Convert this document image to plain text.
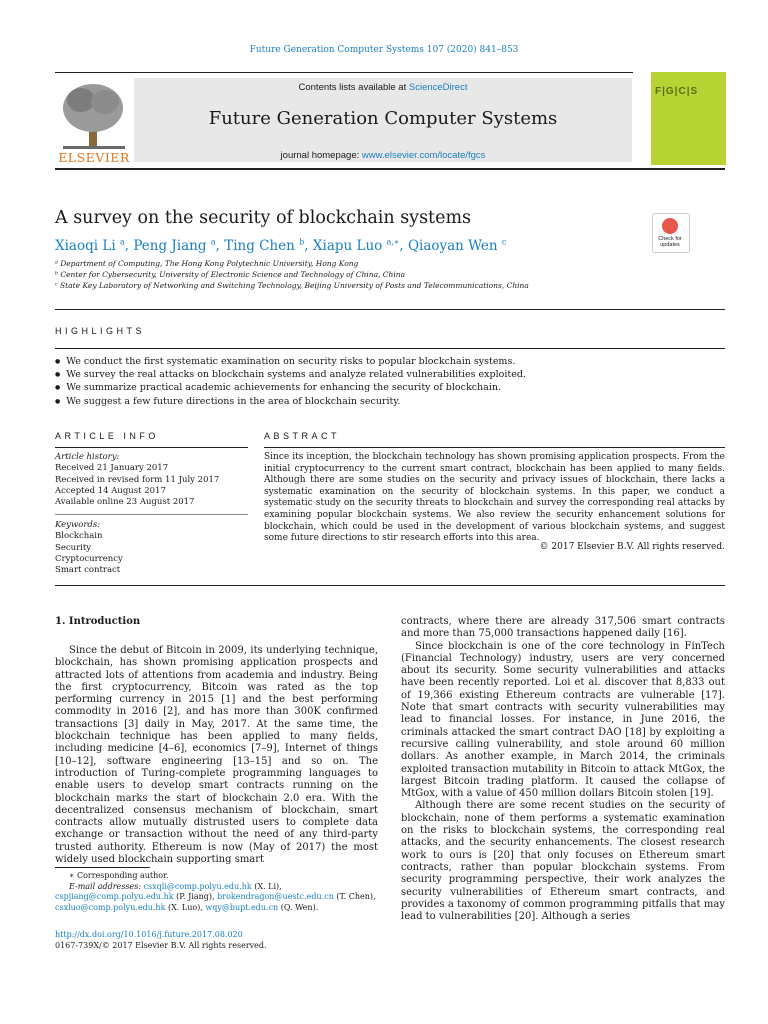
Future Generation Computer Systems 107 (2020) 841–853
ELSEVIER
Contents lists available at ScienceDirect
Future Generation Computer Systems
journal homepage: www.elsevier.com/locate/fgcs
F|G|C|S
A survey on the security of blockchain systems
Check for updates
Xiaoqi Li $^a$, Peng Jiang $^a$, Ting Chen $^b$, Xiapu Luo $^{a,∗}$, Qiaoyan Wen $^c$
ᵃ Department of Computing, The Hong Kong Polytechnic University, Hong Kong
ᵇ Center for Cybersecurity, University of Electronic Science and Technology of China, China
ᶜ State Key Laboratory of Networking and Switching Technology, Beijing University of Posts and Telecommunications, China
HIGHLIGHTS
● We conduct the first systematic examination on security risks to popular blockchain systems.
● We survey the real attacks on blockchain systems and analyze related vulnerabilities exploited.
● We summarize practical academic achievements for enhancing the security of blockchain.
● We suggest a few future directions in the area of blockchain security.
ARTICLE INFO	ABSTRACT
Article history:
Received 21 January 2017
Received in revised form 11 July 2017
Accepted 14 August 2017
Available online 23 August 2017
Keywords:
Blockchain
Security
Cryptocurrency
Smart contract
Since its inception, the blockchain technology has shown promising application prospects. From the initial cryptocurrency to the current smart contract, blockchain has been applied to many fields. Although there are some studies on the security and privacy issues of blockchain, there lacks a systematic examination on the security of blockchain systems. In this paper, we conduct a systematic study on the security threats to blockchain and survey the corresponding real attacks by examining popular blockchain systems. We also review the security enhancement solutions for blockchain, which could be used in the development of various blockchain systems, and suggest some future directions to stir research efforts into this area.
© 2017 Elsevier B.V. All rights reserved.
1. Introduction
Since the debut of Bitcoin in 2009, its underlying technique, blockchain, has shown promising application prospects and attracted lots of attentions from academia and industry. Being the first cryptocurrency, Bitcoin was rated as the top performing currency in 2015 [1] and the best performing commodity in 2016 [2], and has more than 300K confirmed transactions [3] daily in May, 2017. At the same time, the blockchain technique has been applied to many fields, including medicine [4–6], economics [7–9], Internet of things [10–12], software engineering [13–15] and so on. The introduction of Turing-complete programming languages to enable users to develop smart contracts running on the blockchain marks the start of blockchain 2.0 era. With the decentralized consensus mechanism of blockchain, smart contracts allow mutually distrusted users to complete data exchange or transaction without the need of any third-party trusted authority. Ethereum is now (May of 2017) the most widely used blockchain supporting smart
contracts, where there are already 317,506 smart contracts and more than 75,000 transactions happened daily [16].
Since blockchain is one of the core technology in FinTech (Financial Technology) industry, users are very concerned about its security. Some security vulnerabilities and attacks have been recently reported. Loi et al. discover that 8,833 out of 19,366 existing Ethereum contracts are vulnerable [17]. Note that smart contracts with security vulnerabilities may lead to financial losses. For instance, in June 2016, the criminals attacked the smart contract DAO [18] by exploiting a recursive calling vulnerability, and stole around 60 million dollars. As another example, in March 2014, the criminals exploited transaction mutability in Bitcoin to attack MtGox, the largest Bitcoin trading platform. It caused the collapse of MtGox, with a value of 450 million dollars Bitcoin stolen [19].
Although there are some recent studies on the security of blockchain, none of them performs a systematic examination on the risks to blockchain systems, the corresponding real attacks, and the security enhancements. The closest research work to ours is [20] that only focuses on Ethereum smart contracts, rather than popular blockchain systems. From security programming perspective, their work analyzes the security vulnerabilities of Ethereum smart contracts, and provides a taxonomy of common programming pitfalls that may lead to vulnerabilities [20]. Although a series
∗ Corresponding author.
E-mail addresses: csxqli@comp.polyu.edu.hk (X. Li),
cspjiang@comp.polyu.edu.hk (P. Jiang), brokendragon@uestc.edu.cn (T. Chen),
csxluo@comp.polyu.edu.hk (X. Luo), wqy@bupt.edu.cn (Q. Wen).
http://dx.doi.org/10.1016/j.future.2017.08.020
0167-739X/© 2017 Elsevier B.V. All rights reserved.
